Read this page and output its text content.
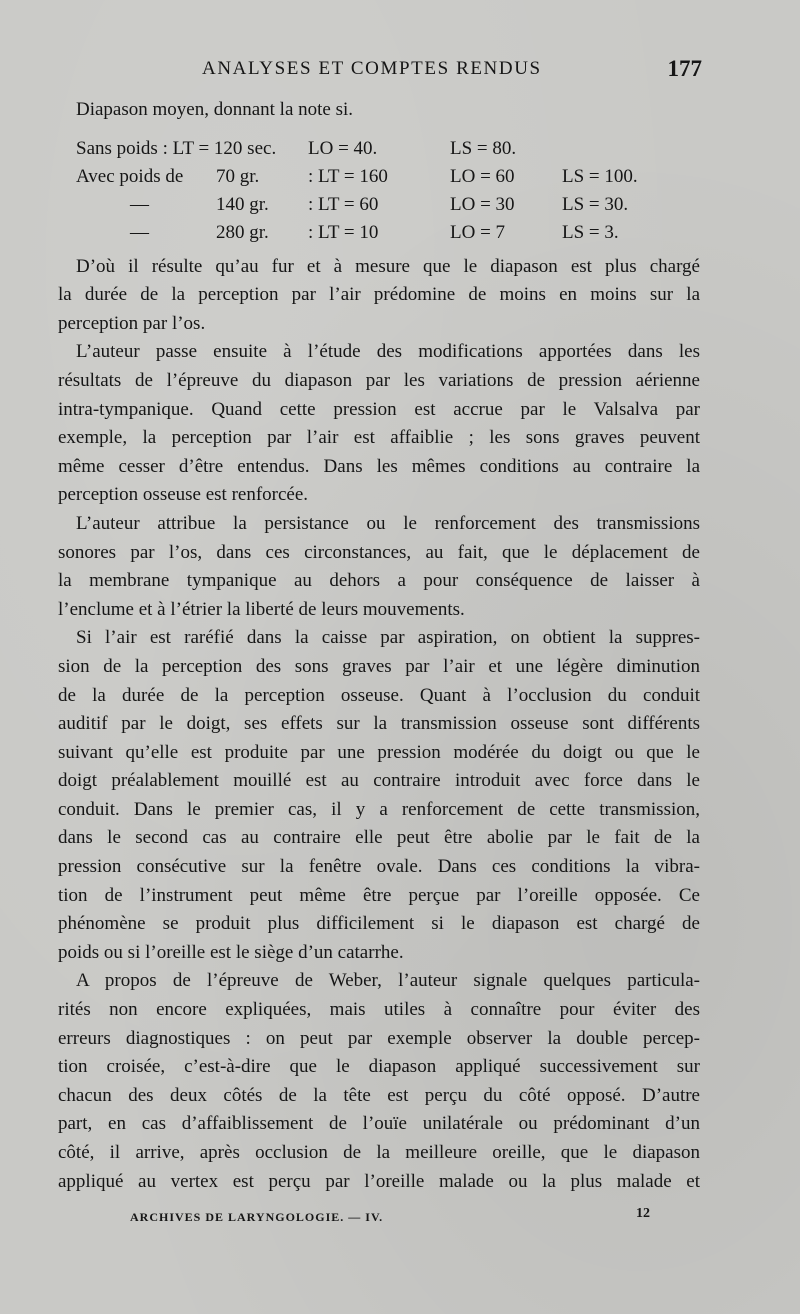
ANALYSES ET COMPTES RENDUS	177
Diapason moyen, donnant la note si.
Sans poids : LT = 120 sec. LO = 40.	LS = 80.
Avec poids de 70 gr.	: LT = 160	LO = 60 LS = 100.
—	140 gr. : LT = 60	LO = 30 LS = 30.
—	280 gr. : LT = 10	LO = 7	LS = 3.
D’où il résulte qu’au fur et à mesure que le diapason est plus chargé
la durée de la perception par l’air prédomine de moins en moins sur la
perception par l’os.
L’auteur passe ensuite à l’étude des modifications apportées dans les
résultats de l’épreuve du diapason par les variations de pression aérienne
intra-tympanique. Quand cette pression est accrue par le Valsalva par
exemple, la perception par l’air est affaiblie ; les sons graves peuvent
même cesser d’être entendus. Dans les mêmes conditions au contraire la
perception osseuse est renforcée.
L’auteur attribue la persistance ou le renforcement des transmissions
sonores par l’os, dans ces circonstances, au fait, que le déplacement de
la membrane tympanique au dehors a pour conséquence de laisser à
l’enclume et à l’étrier la liberté de leurs mouvements.
Si l’air est raréfié dans la caisse par aspiration, on obtient la suppres-
sion de la perception des sons graves par l’air et une légère diminution
de la durée de la perception osseuse. Quant à l’occlusion du conduit
auditif par le doigt, ses effets sur la transmission osseuse sont différents
suivant qu’elle est produite par une pression modérée du doigt ou que le
doigt préalablement mouillé est au contraire introduit avec force dans le
conduit. Dans le premier cas, il y a renforcement de cette transmission,
dans le second cas au contraire elle peut être abolie par le fait de la
pression consécutive sur la fenêtre ovale. Dans ces conditions la vibra-
tion de l’instrument peut même être perçue par l’oreille opposée. Ce
phénomène se produit plus difficilement si le diapason est chargé de
poids ou si l’oreille est le siège d’un catarrhe.
A propos de l’épreuve de Weber, l’auteur signale quelques particula-
rités non encore expliquées, mais utiles à connaître pour éviter des
erreurs diagnostiques : on peut par exemple observer la double percep-
tion croisée, c’est-à-dire que le diapason appliqué successivement sur
chacun des deux côtés de la tête est perçu du côté opposé. D’autre
part, en cas d’affaiblissement de l’ouïe unilatérale ou prédominant d’un
côté, il arrive, après occlusion de la meilleure oreille, que le diapason
appliqué au vertex est perçu par l’oreille malade ou la plus malade et
ARCHIVES DE LARYNGOLOGIE. — IV.	12
